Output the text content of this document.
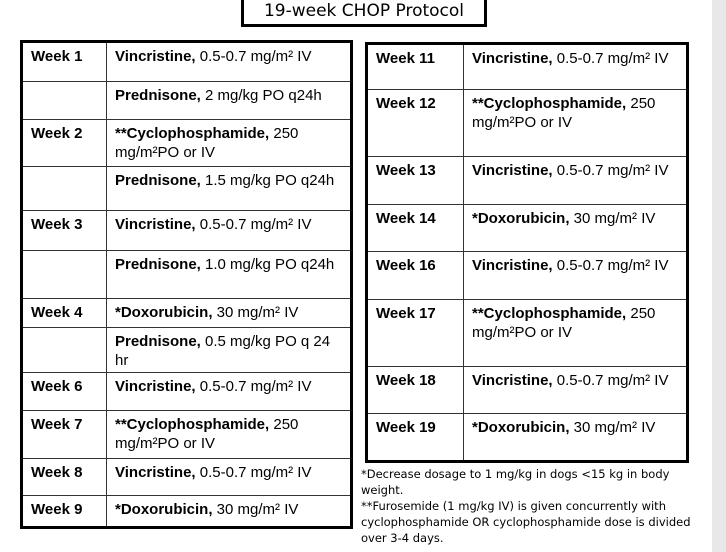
19-week CHOP Protocol
Week 1	Vincristine, 0.5-0.7 mg/m² IV
	Prednisone, 2 mg/kg PO q24h
Week 2	**Cyclophosphamide, 250 mg/m²PO or IV
	Prednisone, 1.5 mg/kg PO q24h
Week 3	Vincristine, 0.5-0.7 mg/m² IV
	Prednisone, 1.0 mg/kg PO q24h
Week 4	*Doxorubicin, 30 mg/m² IV
	Prednisone, 0.5 mg/kg PO q 24 hr
Week 6	Vincristine, 0.5-0.7 mg/m² IV
Week 7	**Cyclophosphamide, 250 mg/m²PO or IV
Week 8	Vincristine, 0.5-0.7 mg/m² IV
Week 9	*Doxorubicin, 30 mg/m² IV
Week 11	Vincristine, 0.5-0.7 mg/m² IV
Week 12	**Cyclophosphamide, 250 mg/m²PO or IV
Week 13	Vincristine, 0.5-0.7 mg/m² IV
Week 14	*Doxorubicin, 30 mg/m² IV
Week 16	Vincristine, 0.5-0.7 mg/m² IV
Week 17	**Cyclophosphamide, 250 mg/m²PO or IV
Week 18	Vincristine, 0.5-0.7 mg/m² IV
Week 19	*Doxorubicin, 30 mg/m² IV
*Decrease dosage to 1 mg/kg in dogs <15 kg in body weight.
**Furosemide (1 mg/kg IV) is given concurrently with cyclophosphamide OR cyclophosphamide dose is divided over 3-4 days.
